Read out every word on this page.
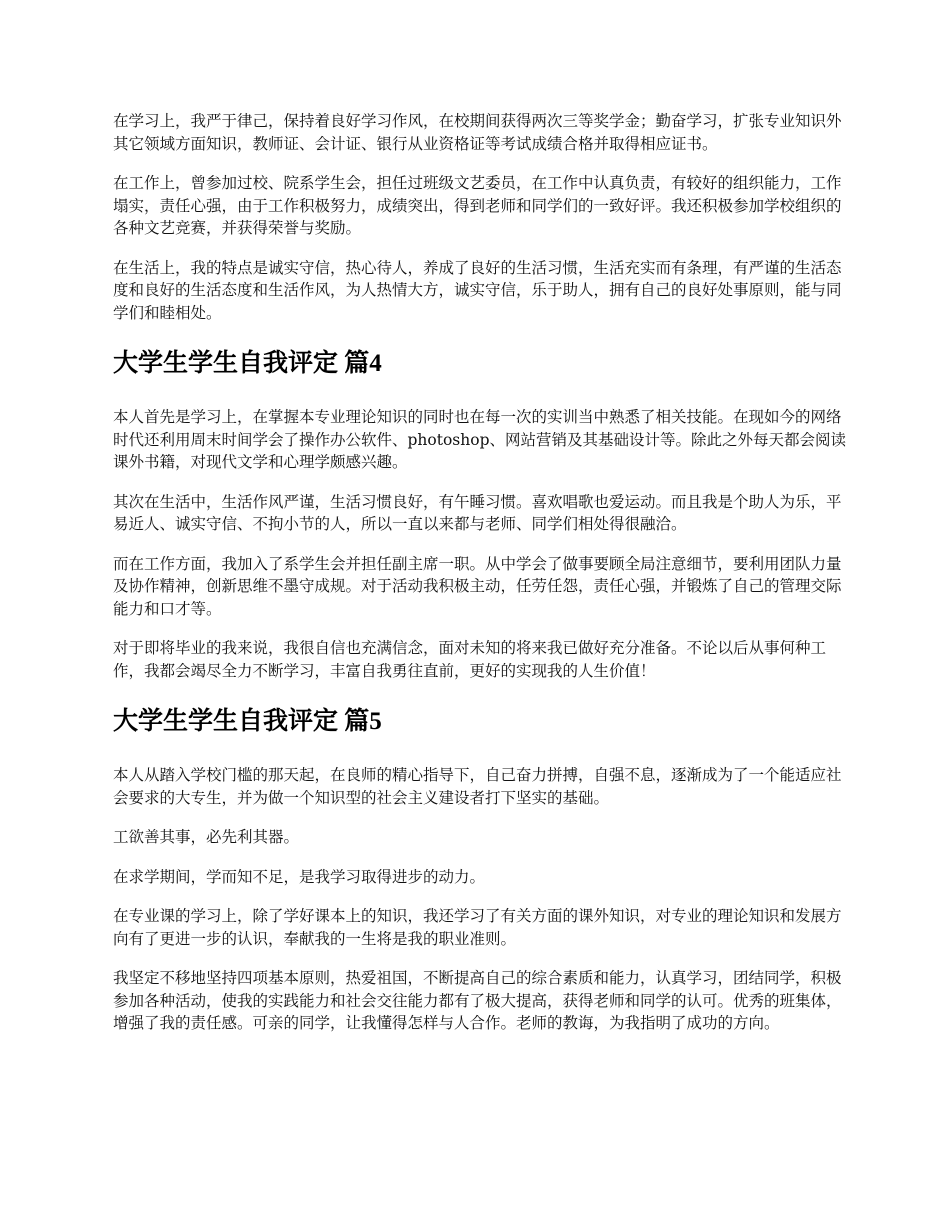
在学习上，我严于律己，保持着良好学习作风，在校期间获得两次三等奖学金；勤奋学习，扩张专业知识外其它领域方面知识，教师证、会计证、银行从业资格证等考试成绩合格并取得相应证书。

在工作上，曾参加过校、院系学生会，担任过班级文艺委员，在工作中认真负责，有较好的组织能力，工作塌实，责任心强，由于工作积极努力，成绩突出，得到老师和同学们的一致好评。我还积极参加学校组织的各种文艺竞赛，并获得荣誉与奖励。

在生活上，我的特点是诚实守信，热心待人，养成了良好的生活习惯，生活充实而有条理，有严谨的生活态度和良好的生活态度和生活作风，为人热情大方，诚实守信，乐于助人，拥有自己的良好处事原则，能与同学们和睦相处。

大学生学生自我评定 篇4

本人首先是学习上，在掌握本专业理论知识的同时也在每一次的实训当中熟悉了相关技能。在现如今的网络时代还利用周末时间学会了操作办公软件、photoshop、网站营销及其基础设计等。除此之外每天都会阅读课外书籍，对现代文学和心理学颇感兴趣。

其次在生活中，生活作风严谨，生活习惯良好，有午睡习惯。喜欢唱歌也爱运动。而且我是个助人为乐，平易近人、诚实守信、不拘小节的人，所以一直以来都与老师、同学们相处得很融洽。

而在工作方面，我加入了系学生会并担任副主席一职。从中学会了做事要顾全局注意细节，要利用团队力量及协作精神，创新思维不墨守成规。对于活动我积极主动，任劳任怨，责任心强，并锻炼了自己的管理交际能力和口才等。

对于即将毕业的我来说，我很自信也充满信念，面对未知的将来我已做好充分准备。不论以后从事何种工作，我都会竭尽全力不断学习，丰富自我勇往直前，更好的实现我的人生价值！

大学生学生自我评定 篇5

本人从踏入学校门槛的那天起，在良师的精心指导下，自己奋力拼搏，自强不息，逐渐成为了一个能适应社会要求的大专生，并为做一个知识型的社会主义建设者打下坚实的基础。

工欲善其事，必先利其器。

在求学期间，学而知不足，是我学习取得进步的动力。

在专业课的学习上，除了学好课本上的知识，我还学习了有关方面的课外知识，对专业的理论知识和发展方向有了更进一步的认识，奉献我的一生将是我的职业准则。

我坚定不移地坚持四项基本原则，热爱祖国，不断提高自己的综合素质和能力，认真学习，团结同学，积极参加各种活动，使我的实践能力和社会交往能力都有了极大提高，获得老师和同学的认可。优秀的班集体，增强了我的责任感。可亲的同学，让我懂得怎样与人合作。老师的教诲，为我指明了成功的方向。
